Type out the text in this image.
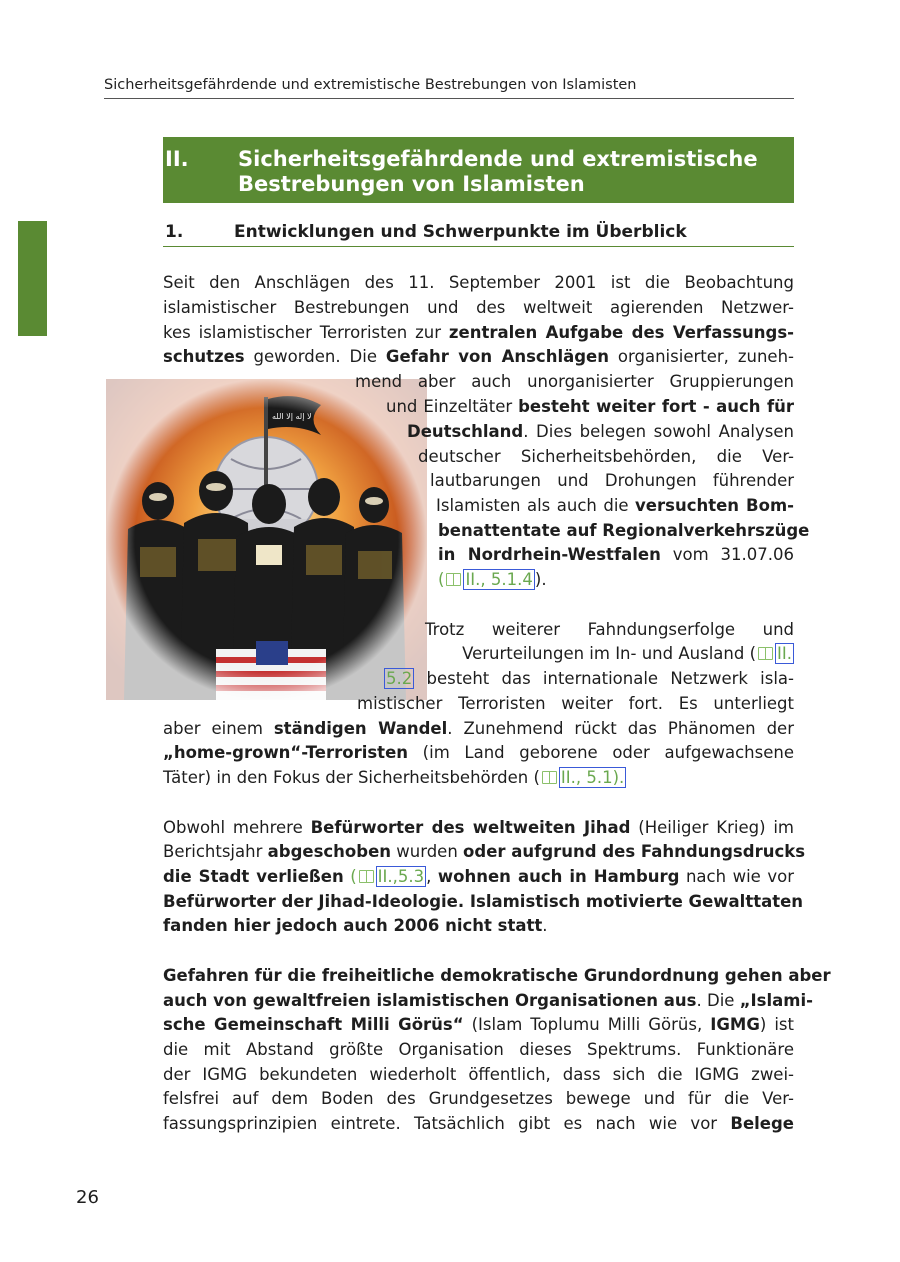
Sicherheitsgefährdende und extremistische Bestrebungen von Islamisten
II. Sicherheitsgefährdende und extremistische
Bestrebungen von Islamisten
1.	Entwicklungen und Schwerpunkte im Überblick
Seit den Anschlägen des 11. September 2001 ist die Beobachtung
islamistischer Bestrebungen und des weltweit agierenden Netzwer-
kes islamistischer Terroristen zur zentralen Aufgabe des Verfassungs-
schutzes geworden. Die Gefahr von Anschlägen organisierter, zuneh-
mend aber auch unorganisierter Gruppierungen
und Einzeltäter besteht weiter fort - auch für
Deutschland. Dies belegen sowohl Analysen
deutscher Sicherheitsbehörden, die Ver-
lautbarungen und Drohungen führender
Islamisten als auch die versuchten Bom-
benattentate auf Regionalverkehrszüge
in Nordrhein-Westfalen vom 31.07.06
( II., 5.1.4 ).
Trotz weiterer Fahndungserfolge und
Verurteilungen im In- und Ausland ( II.
5.2 besteht das internationale Netzwerk isla-
mistischer Terroristen weiter fort. Es unterliegt
aber einem ständigen Wandel. Zunehmend rückt das Phänomen der
„home-grown“-Terroristen (im Land geborene oder aufgewachsene
Täter) in den Fokus der Sicherheitsbehörden ( II., 5.1).
Obwohl mehrere Befürworter des weltweiten Jihad (Heiliger Krieg) im
Berichtsjahr abgeschoben wurden oder aufgrund des Fahndungsdrucks
die Stadt verließen ( II.,5.3 , wohnen auch in Hamburg nach wie vor
Befürworter der Jihad-Ideologie. Islamistisch motivierte Gewalttaten
fanden hier jedoch auch 2006 nicht statt.
Gefahren für die freiheitliche demokratische Grundordnung gehen aber
auch von gewaltfreien islamistischen Organisationen aus. Die „Islami-
sche Gemeinschaft Milli Görüs“ (Islam Toplumu Milli Görüs, IGMG) ist
die mit Abstand größte Organisation dieses Spektrums. Funktionäre
der IGMG bekundeten wiederholt öffentlich, dass sich die IGMG zwei-
felsfrei auf dem Boden des Grundgesetzes bewege und für die Ver-
fassungsprinzipien eintrete. Tatsächlich gibt es nach wie vor Belege
26
